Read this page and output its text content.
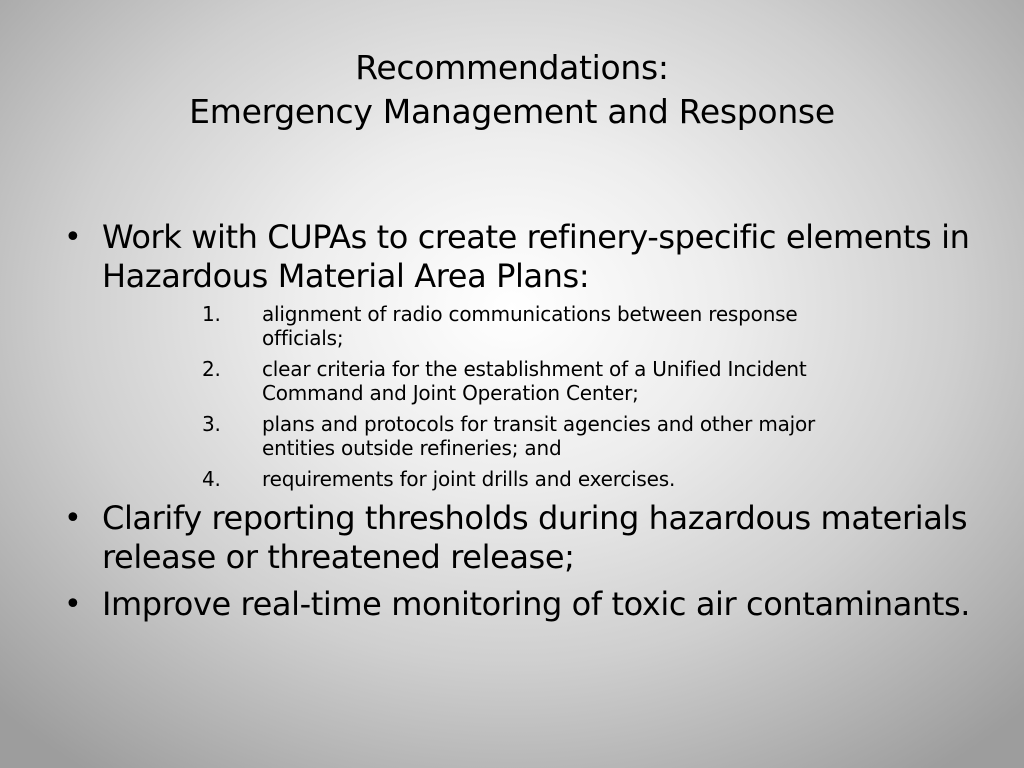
Recommendations:
Emergency Management and Response
• Work with CUPAs to create refinery-specific elements in Hazardous Material Area Plans:
1. alignment of radio communications between response officials;
2. clear criteria for the establishment of a Unified Incident Command and Joint Operation Center;
3. plans and protocols for transit agencies and other major entities outside refineries; and
4. requirements for joint drills and exercises.
• Clarify reporting thresholds during hazardous materials release or threatened release;
• Improve real-time monitoring of toxic air contaminants.
